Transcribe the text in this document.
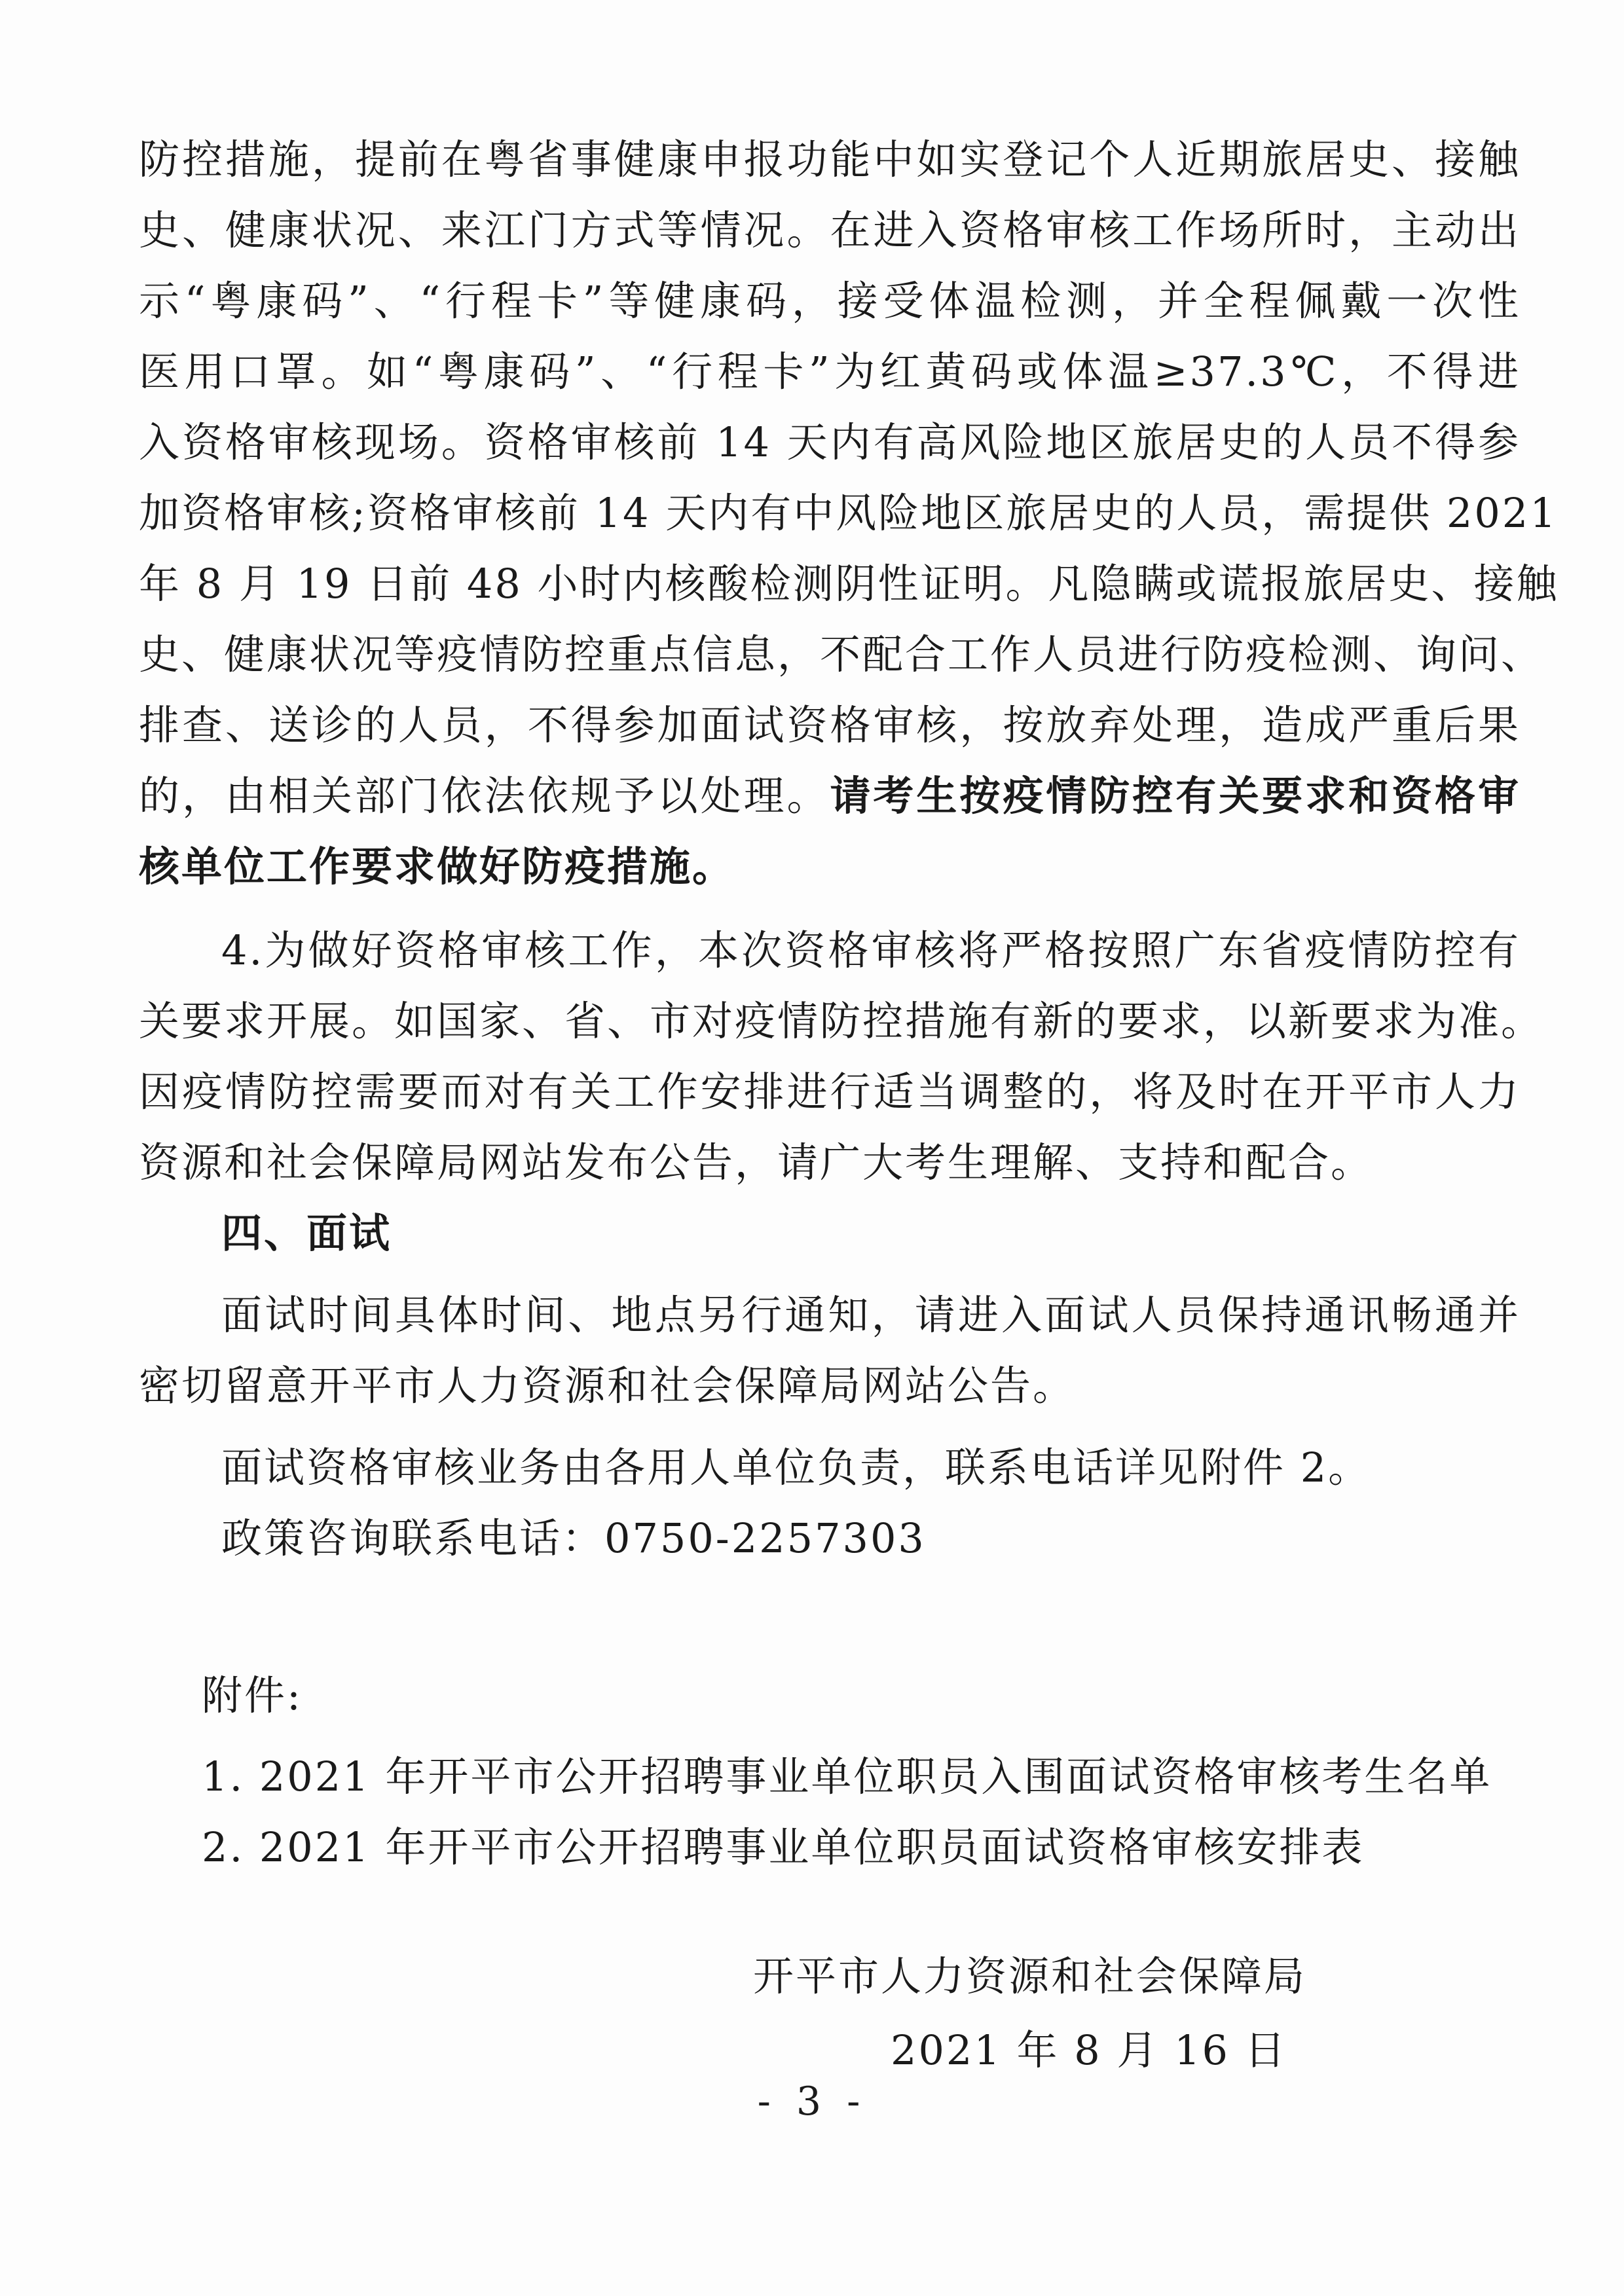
防控措施，提前在粤省事健康申报功能中如实登记个人近期旅居史、接触
史、健康状况、来江门方式等情况。在进入资格审核工作场所时，主动出
示“粤康码”、“行程卡”等健康码，接受体温检测，并全程佩戴一次性
医用口罩。如“粤康码”、“行程卡”为红黄码或体温≥37.3℃，不得进
入资格审核现场。资格审核前 14 天内有高风险地区旅居史的人员不得参
加资格审核;资格审核前 14 天内有中风险地区旅居史的人员，需提供 2021
年 8 月 19 日前 48 小时内核酸检测阴性证明。凡隐瞒或谎报旅居史、接触
史、健康状况等疫情防控重点信息，不配合工作人员进行防疫检测、询问、
排查、送诊的人员，不得参加面试资格审核，按放弃处理，造成严重后果
的，由相关部门依法依规予以处理。请考生按疫情防控有关要求和资格审
核单位工作要求做好防疫措施。
4.为做好资格审核工作，本次资格审核将严格按照广东省疫情防控有
关要求开展。如国家、省、市对疫情防控措施有新的要求，以新要求为准。
因疫情防控需要而对有关工作安排进行适当调整的，将及时在开平市人力
资源和社会保障局网站发布公告，请广大考生理解、支持和配合。
四、面试
面试时间具体时间、地点另行通知，请进入面试人员保持通讯畅通并
密切留意开平市人力资源和社会保障局网站公告。
面试资格审核业务由各用人单位负责，联系电话详见附件 2。
政策咨询联系电话：0750-2257303
附件:
1. 2021 年开平市公开招聘事业单位职员入围面试资格审核考生名单
2. 2021 年开平市公开招聘事业单位职员面试资格审核安排表
开平市人力资源和社会保障局
2021 年 8 月 16 日
- 3 -
